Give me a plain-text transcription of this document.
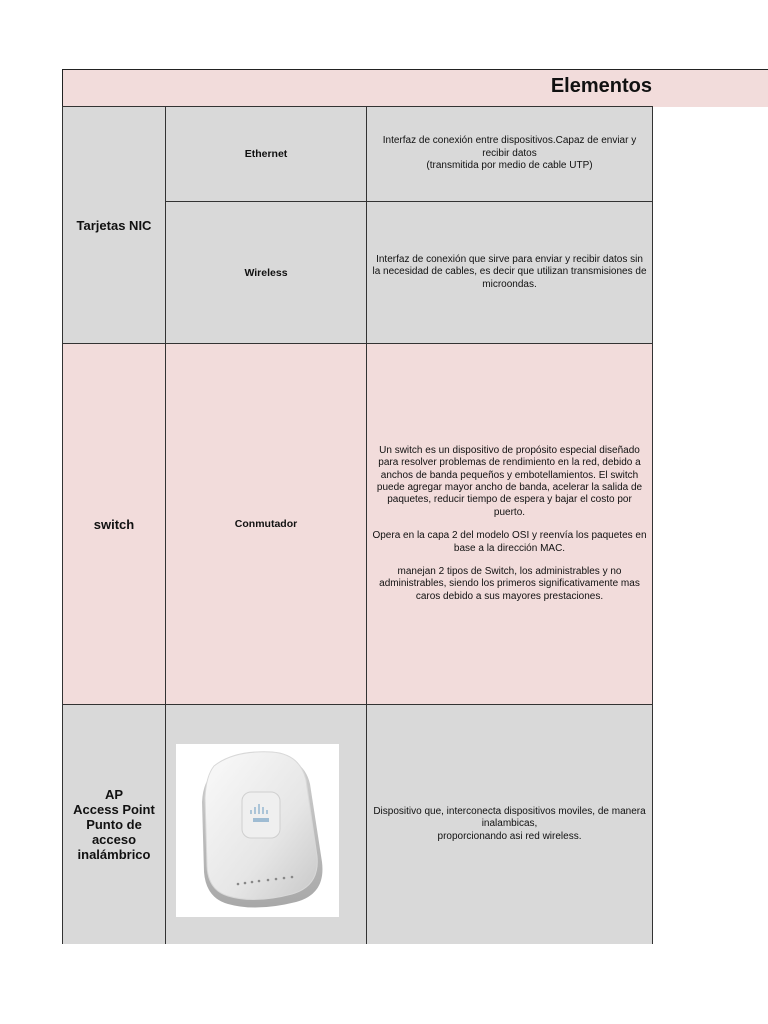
Elementos
Tarjetas NIC
Ethernet
Interfaz de conexión entre dispositivos.Capaz de enviar y recibir datos
(transmitida por medio de cable UTP)
Wireless
Interfaz de conexión que sirve para enviar y recibir datos sin la necesidad de cables, es decir que utilizan transmisiones de microondas.
switch	Conmutador

Un switch es un dispositivo de propósito especial diseñado para resolver problemas de rendimiento en la red, debido a anchos de banda pequeños y embotellamientos. El switch puede agregar mayor ancho de banda, acelerar la salida de paquetes, reducir tiempo de espera y bajar el costo por puerto.

Opera en la capa 2 del modelo OSI y reenvía los paquetes en base a la dirección MAC.

manejan 2 tipos de Switch, los administrables y no administrables, siendo los primeros significativamente mas caros debido a sus mayores prestaciones.

AP
Access Point
Punto de acceso inalámbrico
Dispositivo que, interconecta dispositivos moviles, de manera inalambicas,
proporcionando asi red wireless.
